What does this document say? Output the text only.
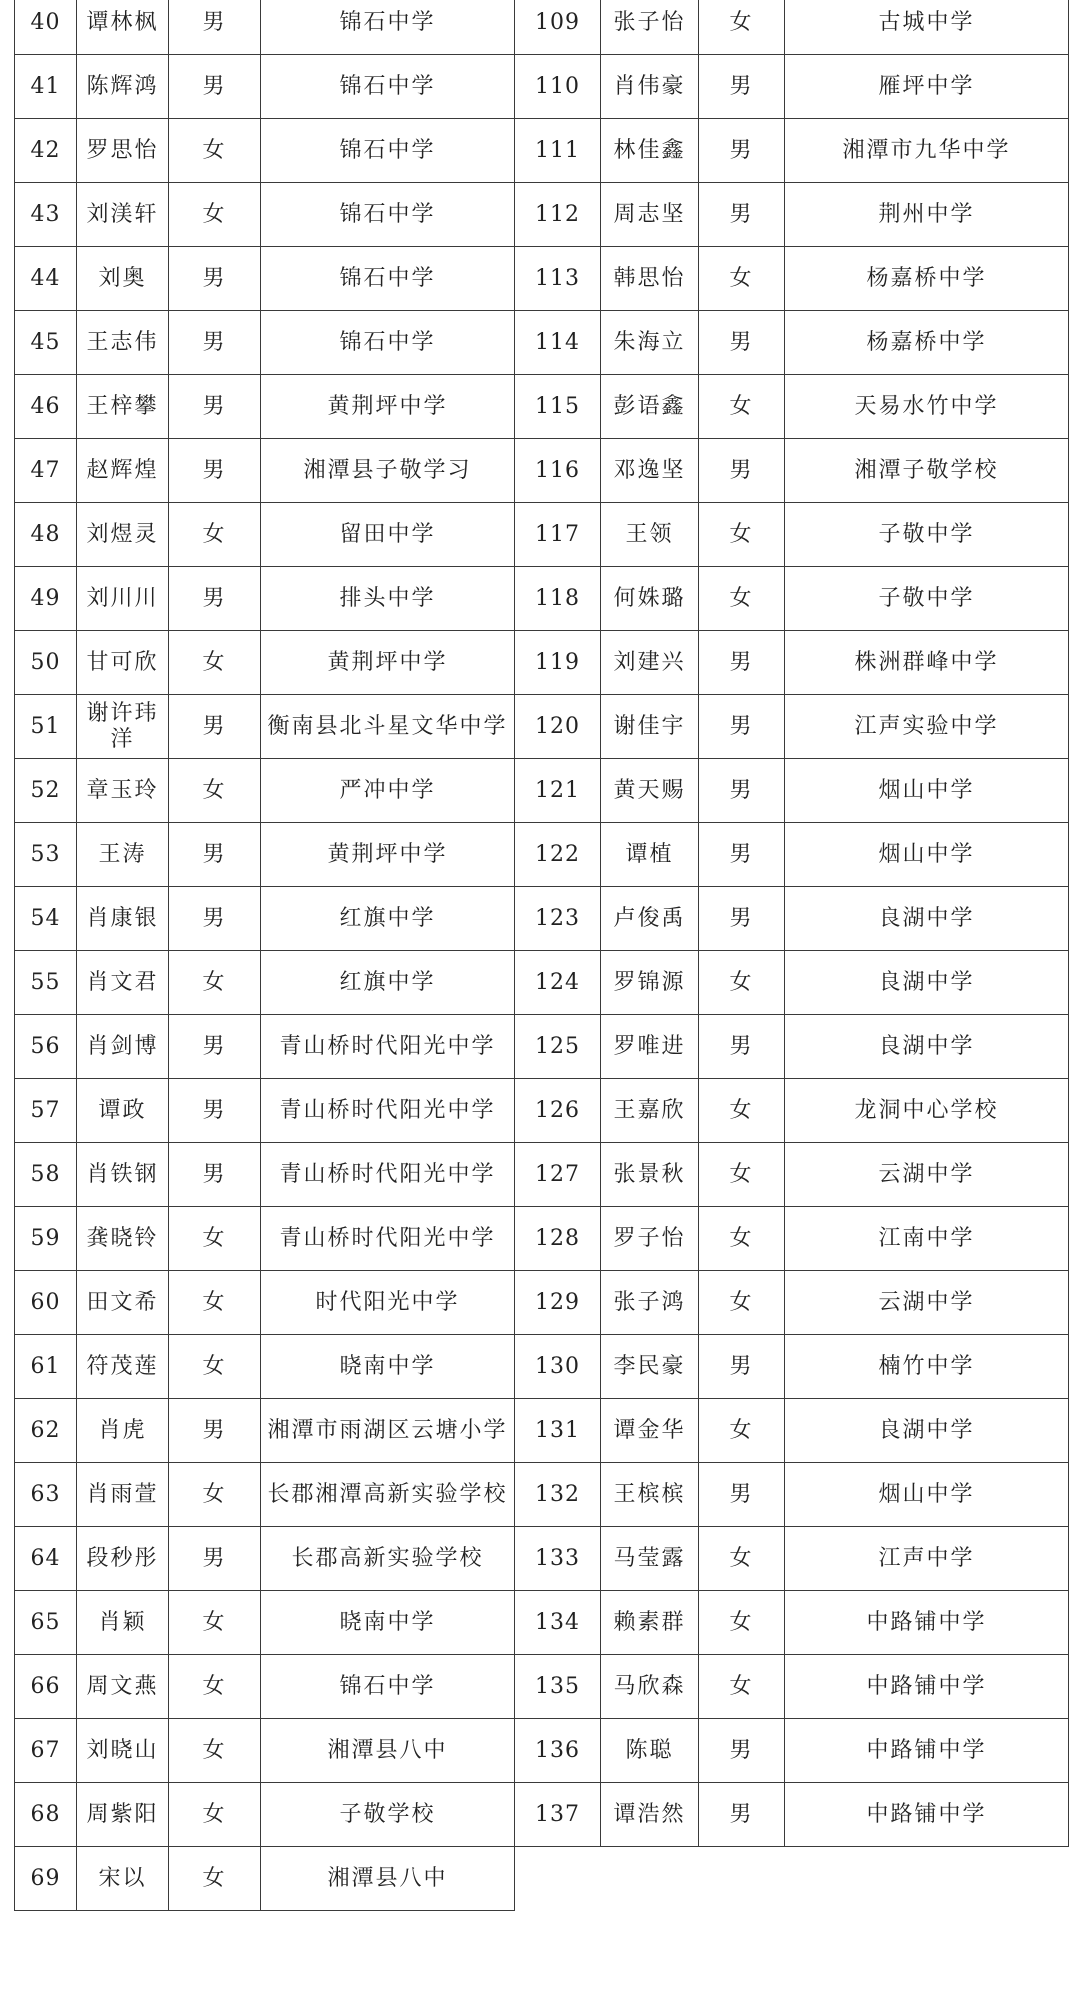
40	谭林枫	男	锦石中学	109	张子怡	女	古城中学
41	陈辉鸿	男	锦石中学	110	肖伟豪	男	雁坪中学
42	罗思怡	女	锦石中学	111	林佳鑫	男	湘潭市九华中学
43	刘渼轩	女	锦石中学	112	周志坚	男	荆州中学
44	刘奥	男	锦石中学	113	韩思怡	女	杨嘉桥中学
45	王志伟	男	锦石中学	114	朱海立	男	杨嘉桥中学
46	王梓攀	男	黄荆坪中学	115	彭语鑫	女	天易水竹中学
47	赵辉煌	男	湘潭县子敬学习	116	邓逸坚	男	湘潭子敬学校
48	刘煜灵	女	留田中学	117	王领	女	子敬中学
49	刘川川	男	排头中学	118	何姝璐	女	子敬中学
50	甘可欣	女	黄荆坪中学	119	刘建兴	男	株洲群峰中学
51	谢许玮洋	男	衡南县北斗星文华中学	120	谢佳宇	男	江声实验中学
52	章玉玲	女	严冲中学	121	黄天赐	男	烟山中学
53	王涛	男	黄荆坪中学	122	谭植	男	烟山中学
54	肖康银	男	红旗中学	123	卢俊禹	男	良湖中学
55	肖文君	女	红旗中学	124	罗锦源	女	良湖中学
56	肖剑博	男	青山桥时代阳光中学	125	罗唯进	男	良湖中学
57	谭政	男	青山桥时代阳光中学	126	王嘉欣	女	龙洞中心学校
58	肖铁钢	男	青山桥时代阳光中学	127	张景秋	女	云湖中学
59	龚晓铃	女	青山桥时代阳光中学	128	罗子怡	女	江南中学
60	田文希	女	时代阳光中学	129	张子鸿	女	云湖中学
61	符茂莲	女	晓南中学	130	李民豪	男	楠竹中学
62	肖虎	男	湘潭市雨湖区云塘小学	131	谭金华	女	良湖中学
63	肖雨萱	女	长郡湘潭高新实验学校	132	王槟槟	男	烟山中学
64	段秒彤	男	长郡高新实验学校	133	马莹露	女	江声中学
65	肖颖	女	晓南中学	134	赖素群	女	中路铺中学
66	周文燕	女	锦石中学	135	马欣森	女	中路铺中学
67	刘晓山	女	湘潭县八中	136	陈聪	男	中路铺中学
68	周紫阳	女	子敬学校	137	谭浩然	男	中路铺中学
69	宋以	女	湘潭县八中				
